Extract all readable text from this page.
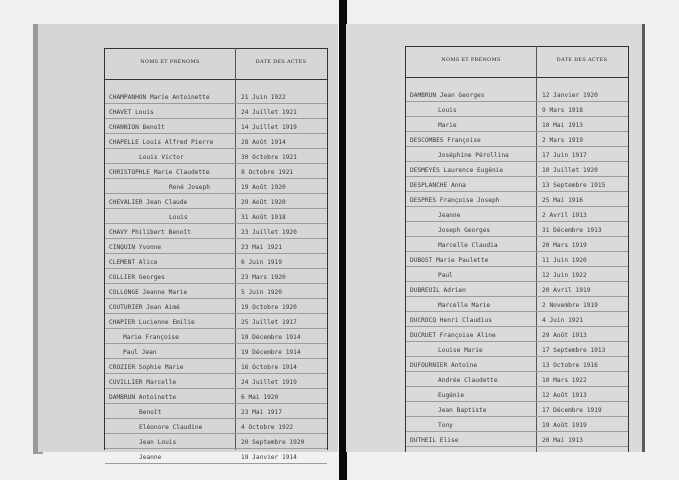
NOMS ET PRÉNOMS	DATE DES ACTES
CHAMPANHON Marie Antoinette	21 Juin 1922
CHAVET Louis	24 Juillet 1921
CHANNION Benoît	14 Juillet 1919
CHAPELLE Louis Alfred Pierre	28 Août 1914
Louis Victor	30 Octobre 1921
CHRISTOPHLE Marie Claudette	8 Octobre 1921
René Joseph	19 Août 1920
CHEVALIER Jean Claude	29 Août 1920
Louis	31 Août 1918
CHAVY Philibert Benoît	23 Juillet 1920
CINQUIN Yvonne	23 Mai 1921
CLEMENT Alice	6 Juin 1919
COLLIER Georges	23 Mars 1920
COLLONGE Jeanne Marie	5 Juin 1920
COUTURIER Jean Aimé	19 Octobre 1920
CHAPIER Lucienne Emilie	25 Juillet 1917
Marie Françoise	19 Décembre 1914
Paul Jean	19 Décembre 1914
CROZIER Sophie Marie	16 Octobre 1914
CUVILLIER Marcelle	24 Juillet 1919
DAMBRUN Antoinette	6 Mai 1920
Benoît	23 Mai 1917
Eléonore Claudine	4 Octobre 1922
Jean Louis	20 Septembre 1920
Jeanne	19 Janvier 1914
NOMS ET PRÉNOMS	DATE DES ACTES
DAMBRUN Jean Georges	12 Janvier 1920
Louis	9 Mars 1918
Marie	10 Mai 1913
DESCOMBES Françoise	2 Mars 1919
Joséphine Pérollina	17 Juin 1917
DESMEYES Laurence Eugénie	10 Juillet 1920
DESPLANCHE Anna	13 Septembre 1915
DESPRES Françoise Joseph	25 Mai 1916
Jeanne	2 Avril 1913
Joseph Georges	31 Décembre 1913
Marcelle Claudia	20 Mars 1919
DUBOST Marie Paulette	11 Juin 1920
Paul	12 Juin 1922
DUBREUIL Adrien	20 Avril 1919
Marcelle Marie	2 Novembre 1919
DUCROCQ Henri Claudius	4 Juin 1921
DUCRUET Françoise Aline	29 Août 1913
Louise Marie	17 Septembre 1913
DUFOURNIER Antoine	13 Octobre 1916
Andrée Claudette	10 Mars 1922
Eugénie	12 Août 1913
Jean Baptiste	17 Décembre 1919
Tony	19 Août 1919
DUTHEIL Elise	20 Mai 1913
